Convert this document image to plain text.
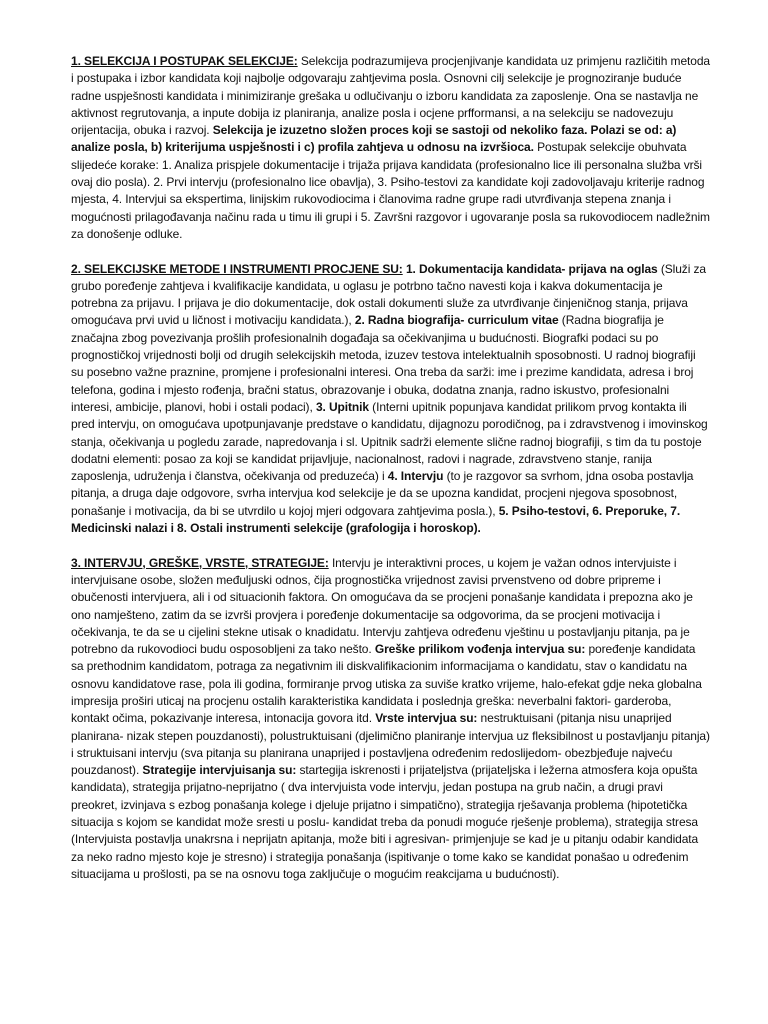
1. SELEKCIJA I POSTUPAK SELEKCIJE: Selekcija podrazumijeva procjenjivanje kandidata uz primjenu različitih metoda i postupaka i izbor kandidata koji najbolje odgovaraju zahtjevima posla. Osnovni cilj selekcije je prognoziranje buduće radne uspješnosti kandidata i minimiziranje grešaka u odlučivanju o izboru kandidata za zaposlenje. Ona se nastavlja ne aktivnost regrutovanja, a inpute dobija iz planiranja, analize posla i ocjene prfformansi, a na selekciju se nadovezuju orijentacija, obuka i razvoj. Selekcija je izuzetno složen proces koji se sastoji od nekoliko faza. Polazi se od: a) analize posla, b) kriterijuma uspješnosti i c) profila zahtjeva u odnosu na izvršioca. Postupak selekcije obuhvata slijedeće korake: 1. Analiza prispjele dokumentacije i trijaža prijava kandidata (profesionalno lice ili personalna služba vrši ovaj dio posla). 2. Prvi intervju (profesionalno lice obavlja), 3. Psiho-testovi za kandidate koji zadovoljavaju kriterije radnog mjesta, 4. Intervjui sa ekspertima, linijskim rukovodiocima i članovima radne grupe radi utvrđivanja stepena znanja i mogućnosti prilagođavanja načinu rada u timu ili grupi i 5. Završni razgovor i ugovaranje posla sa rukovodiocem nadležnim za donošenje odluke.

2. SELEKCIJSKE METODE I INSTRUMENTI PROCJENE SU: 1. Dokumentacija kandidata- prijava na oglas (Služi za grubo poređenje zahtjeva i kvalifikacije kandidata, u oglasu je potrbno tačno navesti koja i kakva dokumentacija je potrebna za prijavu. I prijava je dio dokumentacije, dok ostali dokumenti služe za utvrđivanje činjeničnog stanja, prijava omogućava prvi uvid u ličnost i motivaciju kandidata.), 2. Radna biografija- curriculum vitae (Radna biografija je značajna zbog povezivanja prošlih profesionalnih događaja sa očekivanjima u budućnosti. Biografki podaci su po prognostičkoj vrijednosti bolji od drugih selekcijskih metoda, izuzev testova intelektualnih sposobnosti. U radnoj biografiji su posebno važne praznine, promjene i profesionalni interesi. Ona treba da sarži: ime i prezime kandidata, adresa i broj telefona, godina i mjesto rođenja, bračni status, obrazovanje i obuka, dodatna znanja, radno iskustvo, profesionalni interesi, ambicije, planovi, hobi i ostali podaci), 3. Upitnik (Interni upitnik popunjava kandidat prilikom prvog kontakta ili pred intervju, on omogućava upotpunjavanje predstave o kandidatu, dijagnozu porodičnog, pa i zdravstvenog i imovinskog stanja, očekivanja u pogledu zarade, napredovanja i sl. Upitnik sadrži elemente slične radnoj biografiji, s tim da tu postoje dodatni elementi: posao za koji se kandidat prijavljuje, nacionalnost, radovi i nagrade, zdravstveno stanje, ranija zaposlenja, udruženja i članstva, očekivanja od preduzeća) i 4. Intervju (to je razgovor sa svrhom, jdna osoba postavlja pitanja, a druga daje odgovore, svrha intervjua kod selekcije je da se upozna kandidat, procjeni njegova sposobnost, ponašanje i motivacija, da bi se utvrdilo u kojoj mjeri odgovara zahtjevima posla.), 5. Psiho-testovi, 6. Preporuke, 7. Medicinski nalazi i 8. Ostali instrumenti selekcije (grafologija i horoskop).

3. INTERVJU, GREŠKE, VRSTE, STRATEGIJE: Intervju je interaktivni proces, u kojem je važan odnos intervjuiste i intervjuisane osobe, složen međuljuski odnos, čija prognostička vrijednost zavisi prvenstveno od dobre pripreme i obučenosti intervjuera, ali i od situacionih faktora. On omogućava da se procjeni ponašanje kandidata i prepozna ako je ono namješteno, zatim da se izvrši provjera i poređenje dokumentacije sa odgovorima, da se procjeni motivacija i očekivanja, te da se u cijelini stekne utisak o knadidatu. Intervju zahtjeva određenu vještinu u postavljanju pitanja, pa je potrebno da rukovodioci budu osposobljeni za tako nešto. Greške prilikom vođenja intervjua su: poređenje kandidata sa prethodnim kandidatom, potraga za negativnim ili diskvalifikacionim informacijama o kandidatu, stav o kandidatu na osnovu kandidatove rase, pola ili godina, formiranje prvog utiska za suviše kratko vrijeme, halo-efekat gdje neka globalna impresija proširi uticaj na procjenu ostalih karakteristika kandidata i poslednja greška: neverbalni faktori- garderoba, kontakt očima, pokazivanje interesa, intonacija govora itd. Vrste intervjua su: nestruktuisani (pitanja nisu unaprijed planirana- nizak stepen pouzdanosti), polustruktuisani (djelimično planiranje intervjua uz fleksibilnost u postavljanju pitanja) i struktuisani intervju (sva pitanja su planirana unaprijed i postavljena određenim redoslijedom- obezbjeđuje najveću pouzdanost). Strategije intervjuisanja su: startegija iskrenosti i prijateljstva (prijateljska i ležerna atmosfera koja opušta kandidata), strategija prijatno-neprijatno ( dva intervjuista vode intervju, jedan postupa na grub način, a drugi pravi preokret, izvinjava s ezbog ponašanja kolege i djeluje prijatno i simpatično), strategija rješavanja problema (hipotetička situacija s kojom se kandidat može sresti u poslu- kandidat treba da ponudi moguće rješenje problema), strategija stresa (Intervjuista postavlja unakrsna i neprijatn apitanja, može biti i agresivan- primjenjuje se kad je u pitanju odabir kandidata za neko radno mjesto koje je stresno) i strategija ponašanja (ispitivanje o tome kako se kandidat ponašao u određenim situacijama u prošlosti, pa se na osnovu toga zaključuje o mogućim reakcijama u budućnosti).
